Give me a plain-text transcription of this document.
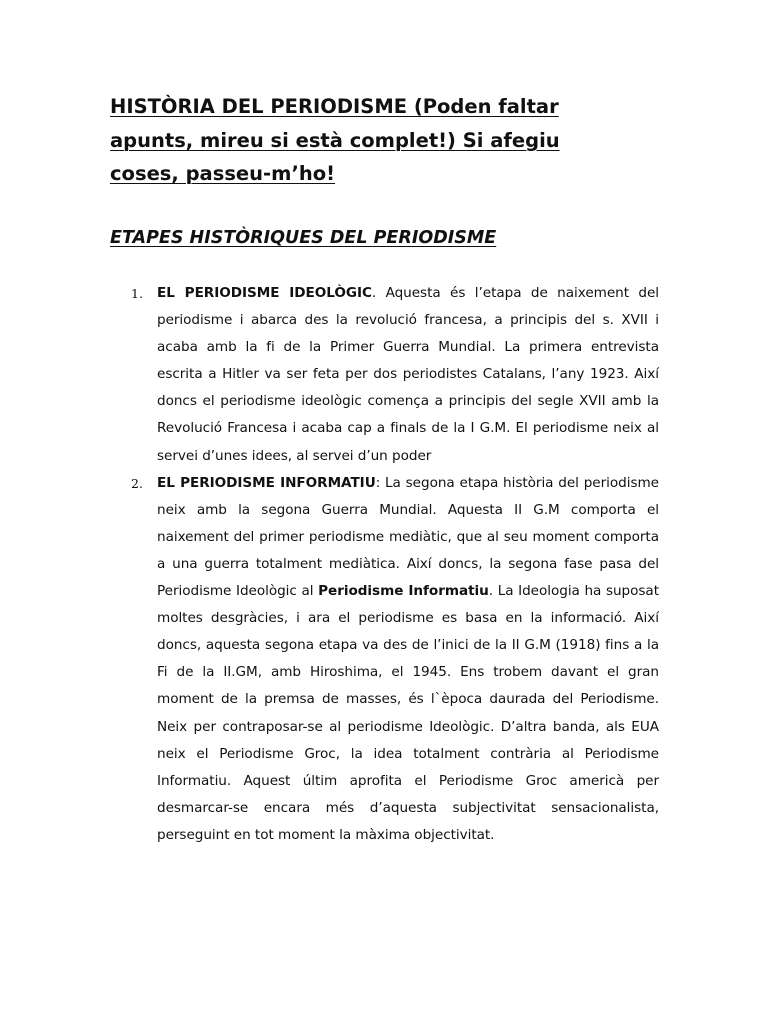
HISTÒRIA DEL PERIODISME (Poden faltar
apunts, mireu si està complet!) Si afegiu
coses, passeu-m’ho!
ETAPES HISTÒRIQUES DEL PERIODISME
1. EL PERIODISME IDEOLÒGIC. Aquesta és l’etapa de naixement del periodisme i abarca des la revolució francesa, a principis del s. XVII i acaba amb la fi de la Primer Guerra Mundial. La primera entrevista escrita a Hitler va ser feta per dos periodistes Catalans, l’any 1923. Així doncs el periodisme ideològic comença a principis del segle XVII amb la Revolució Francesa i acaba cap a finals de la I G.M. El periodisme neix al servei d’unes idees, al servei d’un poder
2. EL PERIODISME INFORMATIU: La segona etapa història del periodisme neix amb la segona Guerra Mundial. Aquesta II G.M comporta el naixement del primer periodisme mediàtic, que al seu moment comporta a una guerra totalment mediàtica. Així doncs, la segona fase pasa del Periodisme Ideològic al Periodisme Informatiu. La Ideologia ha suposat moltes desgràcies, i ara el periodisme es basa en la informació. Així doncs, aquesta segona etapa va des de l’inici de la II G.M (1918) fins a la Fi de la II.GM, amb Hiroshima, el 1945. Ens trobem davant el gran moment de la premsa de masses, és l`època daurada del Periodisme. Neix per contraposar-se al periodisme Ideològic. D’altra banda, als EUA neix el Periodisme Groc, la idea totalment contrària al Periodisme Informatiu. Aquest últim aprofita el Periodisme Groc americà per desmarcar-se encara més d’aquesta subjectivitat sensacionalista, perseguint en tot moment la màxima objectivitat.
